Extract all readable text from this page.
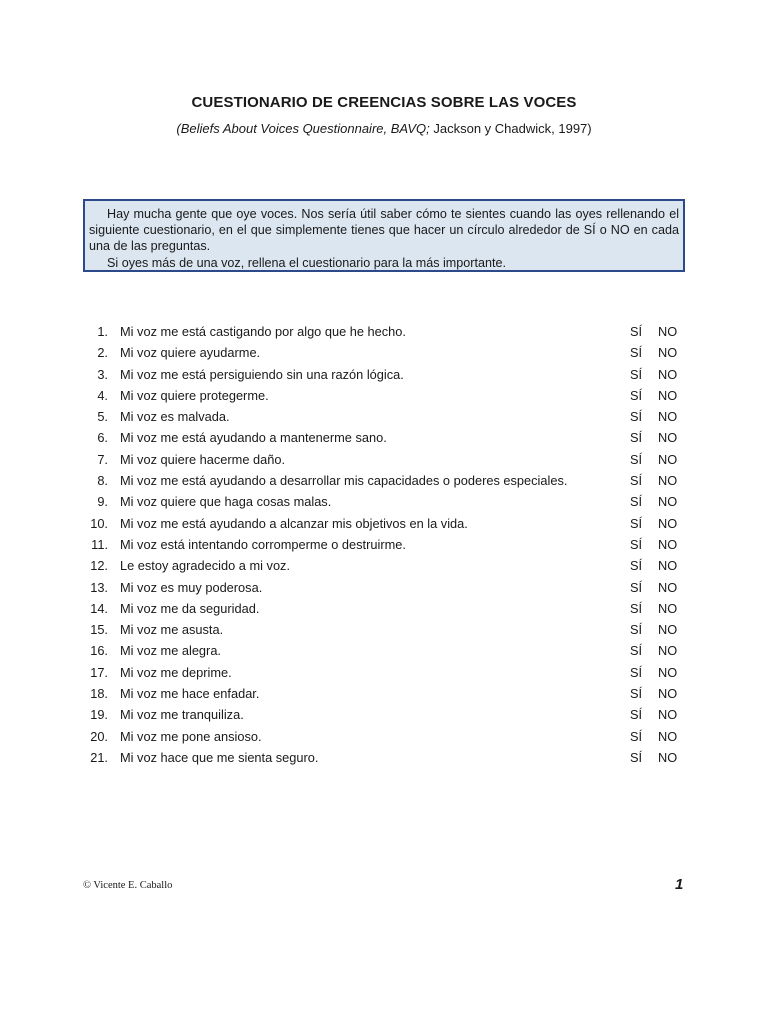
CUESTIONARIO DE CREENCIAS SOBRE LAS VOCES
(Beliefs About Voices Questionnaire, BAVQ; Jackson y Chadwick, 1997)

Hay mucha gente que oye voces. Nos sería útil saber cómo te sientes cuando las oyes rellenando el siguiente cuestionario, en el que simplemente tienes que hacer un círculo alrededor de SÍ o NO en cada una de las preguntas.

Si oyes más de una voz, rellena el cuestionario para la más importante.

1. Mi voz me está castigando por algo que he hecho.	SÍ NO
2. Mi voz quiere ayudarme.	SÍ NO
3. Mi voz me está persiguiendo sin una razón lógica.	SÍ NO
4. Mi voz quiere protegerme.	SÍ NO
5. Mi voz es malvada.	SÍ NO
6. Mi voz me está ayudando a mantenerme sano.	SÍ NO
7. Mi voz quiere hacerme daño.	SÍ NO
8. Mi voz me está ayudando a desarrollar mis capacidades o poderes especiales.	SÍ NO
9. Mi voz quiere que haga cosas malas.	SÍ NO
10. Mi voz me está ayudando a alcanzar mis objetivos en la vida.	SÍ NO
11. Mi voz está intentando corromperme o destruirme.	SÍ NO
12. Le estoy agradecido a mi voz.	SÍ NO
13. Mi voz es muy poderosa.	SÍ NO
14. Mi voz me da seguridad.	SÍ NO
15. Mi voz me asusta.	SÍ NO
16. Mi voz me alegra.	SÍ NO
17. Mi voz me deprime.	SÍ NO
18. Mi voz me hace enfadar.	SÍ NO
19. Mi voz me tranquiliza.	SÍ NO
20. Mi voz me pone ansioso.	SÍ NO
21. Mi voz hace que me sienta seguro.	SÍ NO
© Vicente E. Caballo	1
